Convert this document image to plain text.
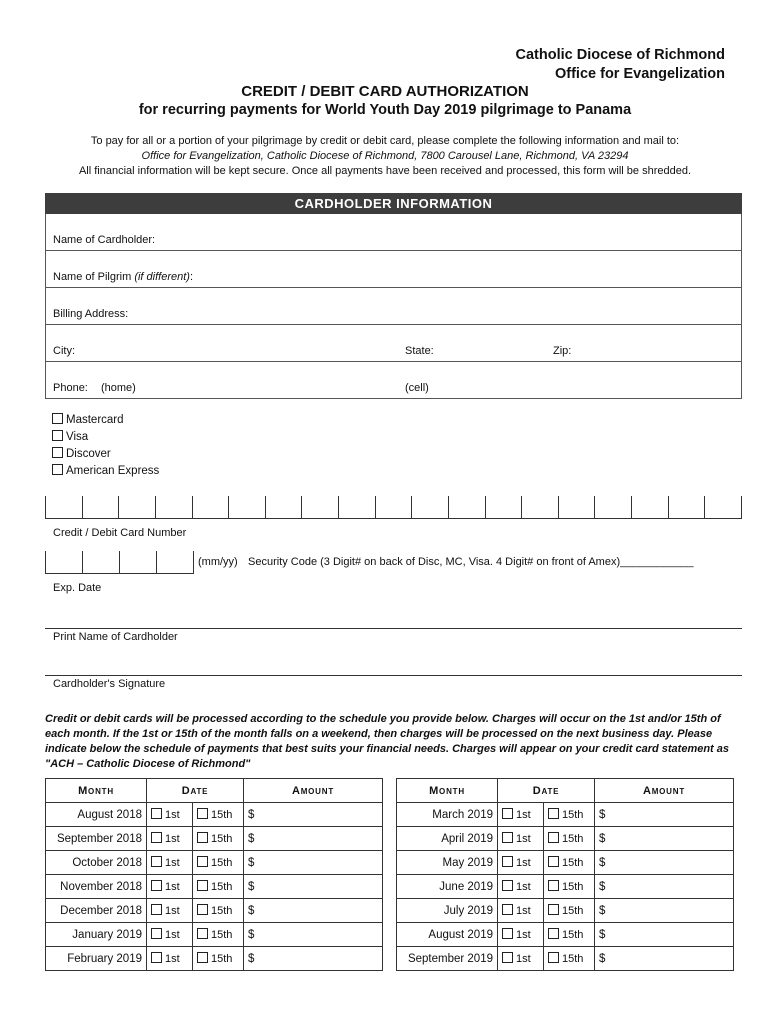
Catholic Diocese of Richmond
Office for Evangelization
CREDIT / DEBIT CARD AUTHORIZATION
for recurring payments for World Youth Day 2019 pilgrimage to Panama
To pay for all or a portion of your pilgrimage by credit or debit card, please complete the following information and mail to:
Office for Evangelization, Catholic Diocese of Richmond, 7800 Carousel Lane, Richmond, VA 23294
All financial information will be kept secure. Once all payments have been received and processed, this form will be shredded.
CARDHOLDER INFORMATION
Name of Cardholder:
Name of Pilgrim (if different):
Billing Address:
City:	State:	Zip:
Phone: (home)	(cell)
Mastercard
Visa
Discover
American Express
Credit / Debit Card Number
(mm/yy) Security Code (3 Digit# on back of Disc, MC, Visa. 4 Digit# on front of Amex)____________
Exp. Date
Print Name of Cardholder
Cardholder's Signature
Credit or debit cards will be processed according to the schedule you provide below. Charges will occur on the 1st and/or 15th of each month. If the 1st or 15th of the month falls on a weekend, then charges will be processed on the next business day. Please indicate below the schedule of payments that best suits your financial needs. Charges will appear on your credit card statement as "ACH – Catholic Diocese of Richmond"
Month	Date		Amount
August 2018	1st	15th	$
September 2018	1st	15th	$
October 2018	1st	15th	$
November 2018	1st	15th	$
December 2018	1st	15th	$
January 2019	1st	15th	$
February 2019	1st	15th	$
Month	Date		Amount
March 2019	1st	15th	$
April 2019	1st	15th	$
May 2019	1st	15th	$
June 2019	1st	15th	$
July 2019	1st	15th	$
August 2019	1st	15th	$
September 2019	1st	15th	$
